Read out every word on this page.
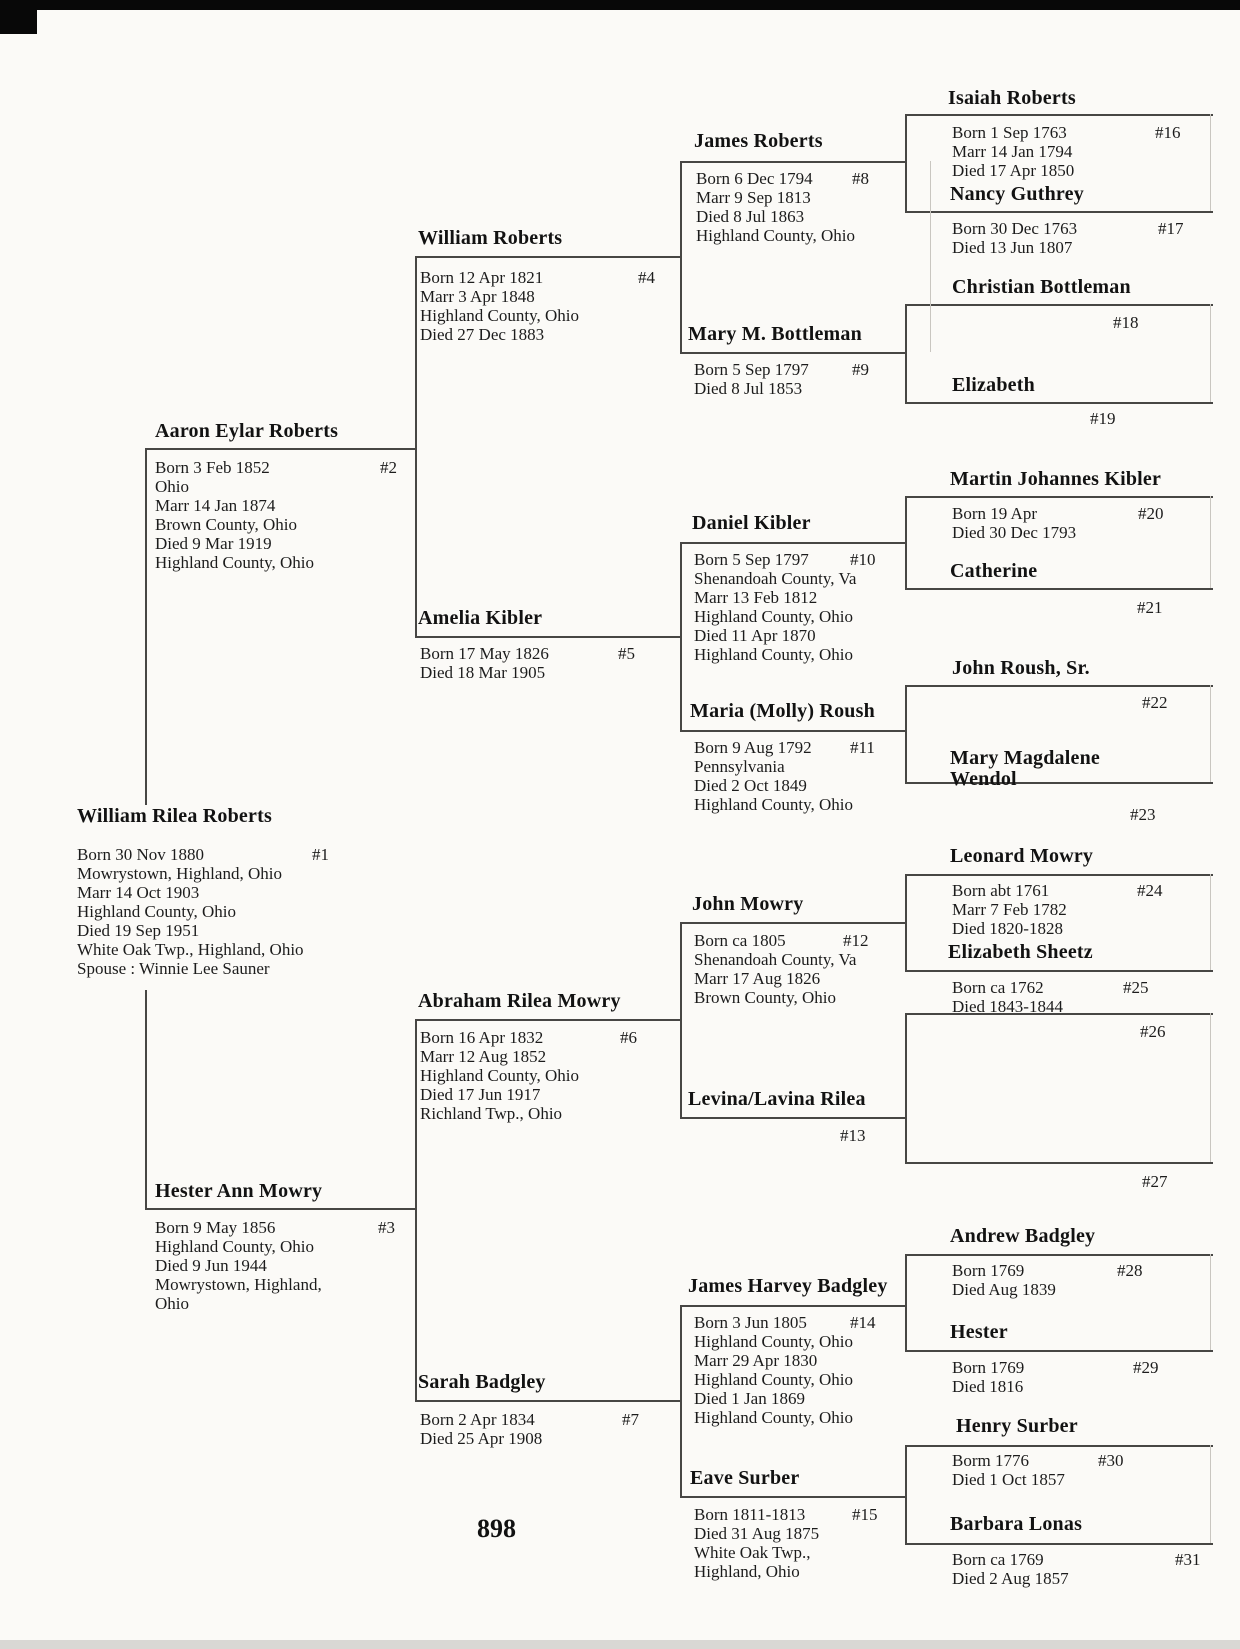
William Rilea Roberts
Born 30 Nov 1880
Mowrystown, Highland, Ohio
Marr 14 Oct 1903
Highland County, Ohio
Died 19 Sep 1951
White Oak Twp., Highland, Ohio
Spouse : Winnie Lee Sauner
#1
Aaron Eylar Roberts
Born 3 Feb 1852
Ohio
Marr 14 Jan 1874
Brown County, Ohio
Died 9 Mar 1919
Highland County, Ohio
#2
Hester Ann Mowry
Born 9 May 1856
Highland County, Ohio
Died 9 Jun 1944
Mowrystown, Highland,
Ohio
#3
William Roberts
Born 12 Apr 1821
Marr 3 Apr 1848
Highland County, Ohio
Died 27 Dec 1883
#4
Amelia Kibler
Born 17 May 1826
Died 18 Mar 1905
#5
Abraham Rilea Mowry
Born 16 Apr 1832
Marr 12 Aug 1852
Highland County, Ohio
Died 17 Jun 1917
Richland Twp., Ohio
#6
Sarah Badgley
Born 2 Apr 1834
Died 25 Apr 1908
#7
James Roberts
Born 6 Dec 1794
Marr 9 Sep 1813
Died 8 Jul 1863
Highland County, Ohio
#8
Mary M. Bottleman
Born 5 Sep 1797
Died 8 Jul 1853
#9
Daniel Kibler
Born 5 Sep 1797
Shenandoah County, Va
Marr 13 Feb 1812
Highland County, Ohio
Died 11 Apr 1870
Highland County, Ohio
#10
Maria (Molly) Roush
Born 9 Aug 1792
Pennsylvania
Died 2 Oct 1849
Highland County, Ohio
#11
John Mowry
Born ca 1805
Shenandoah County, Va
Marr 17 Aug 1826
Brown County, Ohio
#12
Levina/Lavina Rilea
#13
James Harvey Badgley
Born 3 Jun 1805
Highland County, Ohio
Marr 29 Apr 1830
Highland County, Ohio
Died 1 Jan 1869
Highland County, Ohio
#14
Eave Surber
Born 1811-1813
Died 31 Aug 1875
White Oak Twp.,
Highland, Ohio
#15
Isaiah Roberts
Born 1 Sep 1763
Marr 14 Jan 1794
Died 17 Apr 1850
#16
Nancy Guthrey
Born 30 Dec 1763
Died 13 Jun 1807
#17
Christian Bottleman
#18
Elizabeth
#19
Martin Johannes Kibler
Born 19 Apr
Died 30 Dec 1793
#20
Catherine
#21
John Roush, Sr.
#22
Mary Magdalene Wendol
#23
Leonard Mowry
Born abt 1761
Marr 7 Feb 1782
Died 1820-1828
#24
Elizabeth Sheetz
Born ca 1762
Died 1843-1844
#25
#26
#27
Andrew Badgley
Born 1769
Died Aug 1839
#28
Hester
Born 1769
Died 1816
#29
Henry Surber
Borm 1776
Died 1 Oct 1857
#30
Barbara Lonas
Born ca 1769
Died 2 Aug 1857
#31
898
